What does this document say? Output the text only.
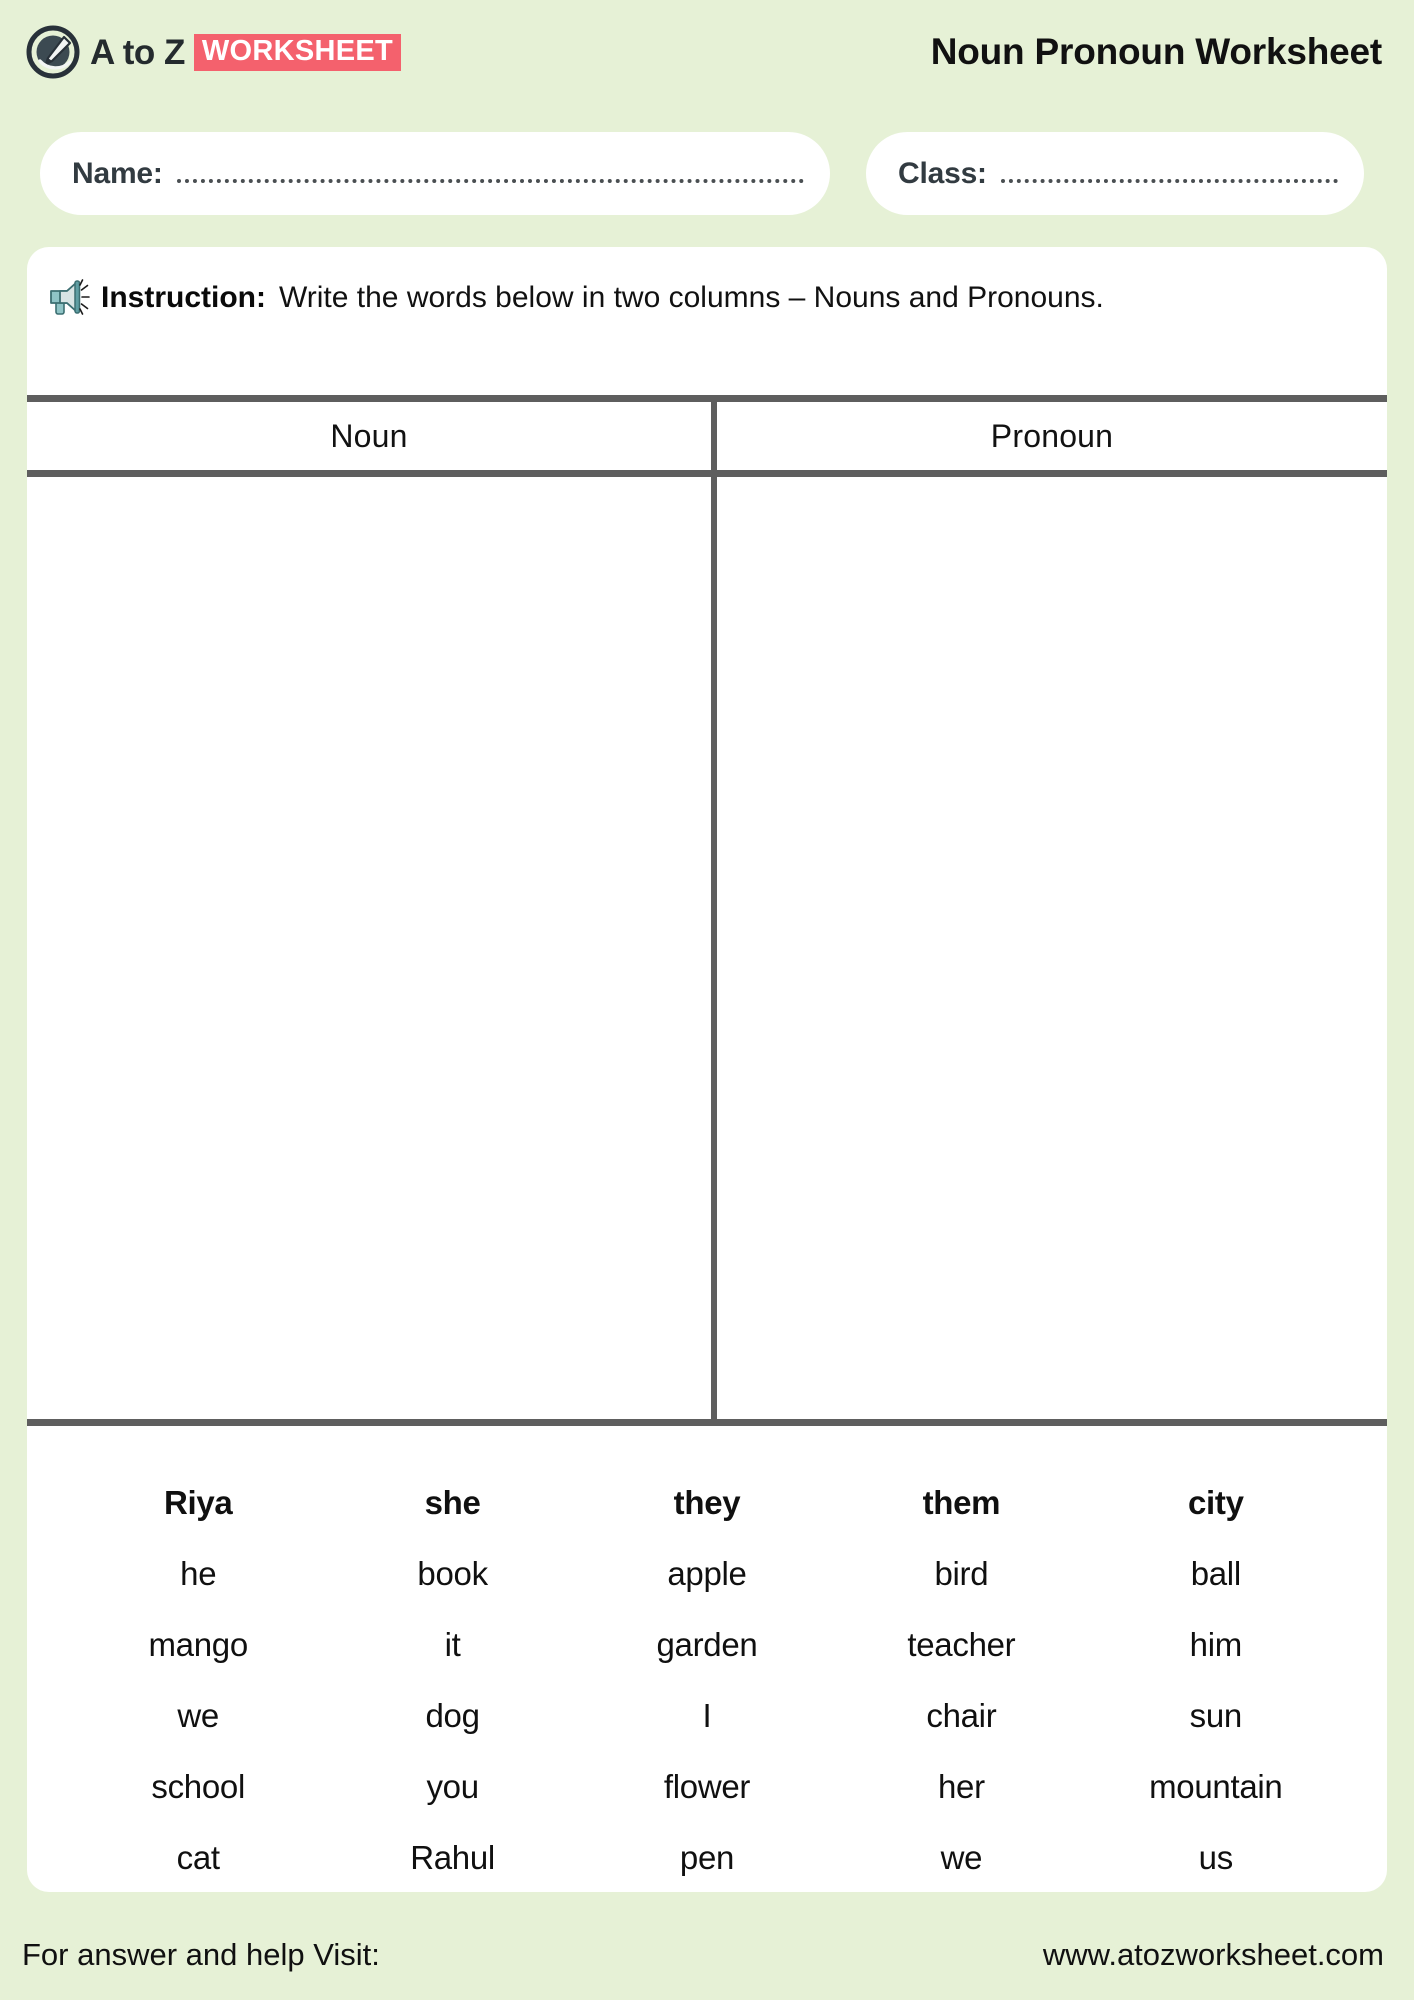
A to Z WORKSHEET	Noun Pronoun Worksheet
Name:	Class:
Instruction: Write the words below in two columns – Nouns and Pronouns.
Noun	Pronoun
Riya	she	they	them	city
he	book	apple	bird	ball
mango	it	garden	teacher	him
we	dog	I	chair	sun
school	you	flower	her	mountain
cat	Rahul	pen	we	us
For answer and help Visit:	www.atozworksheet.com
